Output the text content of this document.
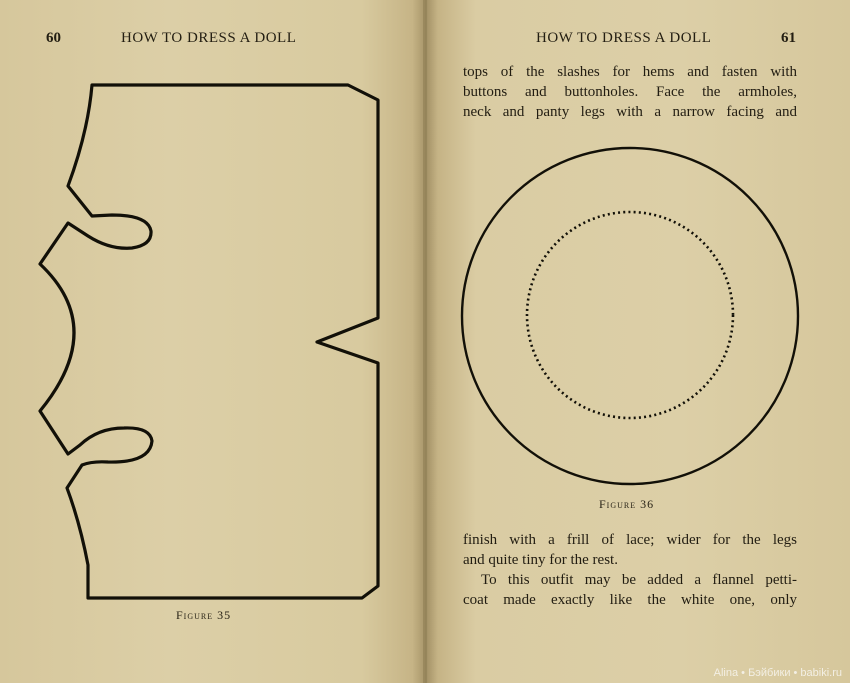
60	HOW TO DRESS A DOLL
Figure 35
HOW TO DRESS A DOLL	61
tops of the slashes for hems and fasten with
buttons and buttonholes. Face the armholes,
neck and panty legs with a narrow facing and
Figure 36
finish with a frill of lace; wider for the legs
and quite tiny for the rest.
To this outfit may be added a flannel petti-
coat made exactly like the white one, only
Alina • Бэйбики • babiki.ru
